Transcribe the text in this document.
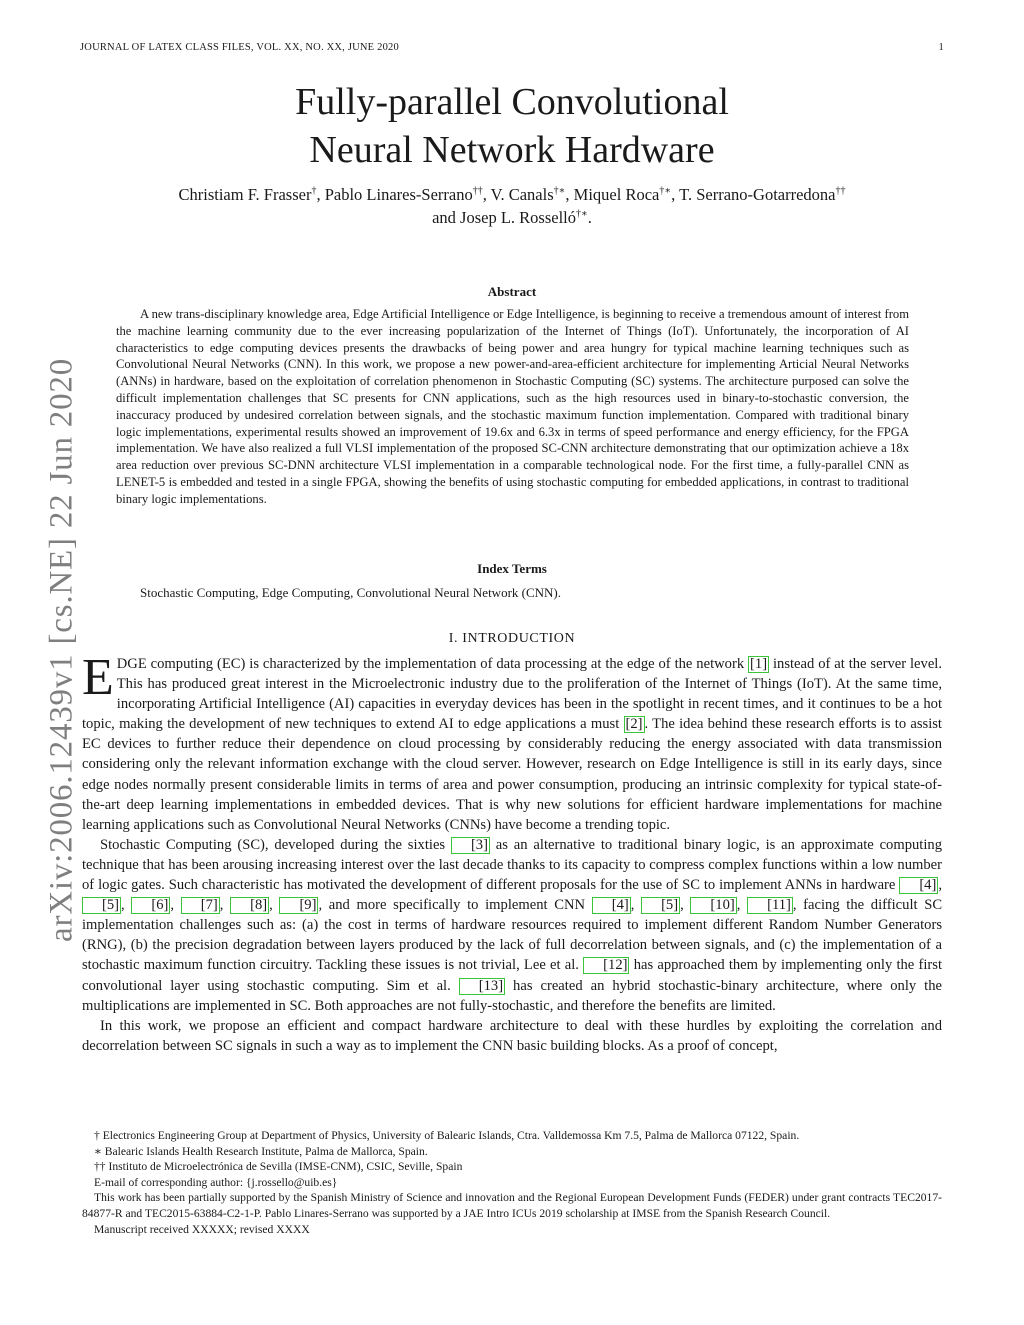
JOURNAL OF LATEX CLASS FILES, VOL. XX, NO. XX, JUNE 2020	1
arXiv:2006.12439v1 [cs.NE] 22 Jun 2020
Fully-parallel Convolutional
Neural Network Hardware
Christiam F. Frasser†, Pablo Linares-Serrano††, V. Canals†∗, Miquel Roca†∗, T. Serrano-Gotarredona††
and Josep L. Rosselló†∗.
Abstract

A new trans-disciplinary knowledge area, Edge Artificial Intelligence or Edge Intelligence, is beginning to receive a tremendous amount of interest from the machine learning community due to the ever increasing popularization of the Internet of Things (IoT). Unfortunately, the incorporation of AI characteristics to edge computing devices presents the drawbacks of being power and area hungry for typical machine learning techniques such as Convolutional Neural Networks (CNN). In this work, we propose a new power-and-area-efficient architecture for implementing Articial Neural Networks (ANNs) in hardware, based on the exploitation of correlation phenomenon in Stochastic Computing (SC) systems. The architecture purposed can solve the difficult implementation challenges that SC presents for CNN applications, such as the high resources used in binary-to-stochastic conversion, the inaccuracy produced by undesired correlation between signals, and the stochastic maximum function implementation. Compared with traditional binary logic implementations, experimental results showed an improvement of 19.6x and 6.3x in terms of speed performance and energy efficiency, for the FPGA implementation. We have also realized a full VLSI implementation of the proposed SC-CNN architecture demonstrating that our optimization achieve a 18x area reduction over previous SC-DNN architecture VLSI implementation in a comparable technological node. For the first time, a fully-parallel CNN as LENET-5 is embedded and tested in a single FPGA, showing the benefits of using stochastic computing for embedded applications, in contrast to traditional binary logic implementations.

Index Terms
Stochastic Computing, Edge Computing, Convolutional Neural Network (CNN).
I. INTRODUCTION

EDGE computing (EC) is characterized by the implementation of data processing at the edge of the network [1] instead of at the server level. This has produced great interest in the Microelectronic industry due to the proliferation of the Internet of Things (IoT). At the same time, incorporating Artificial Intelligence (AI) capacities in everyday devices has been in the spotlight in recent times, and it continues to be a hot topic, making the development of new techniques to extend AI to edge applications a must [2] . The idea behind these research efforts is to assist EC devices to further reduce their dependence on cloud processing by considerably reducing the energy associated with data transmission considering only the relevant information exchange with the cloud server. However, research on Edge Intelligence is still in its early days, since edge nodes normally present considerable limits in terms of area and power consumption, producing an intrinsic complexity for typical state-of-the-art deep learning implementations in embedded devices. That is why new solutions for efficient hardware implementations for machine learning applications such as Convolutional Neural Networks (CNNs) have become a trending topic.

Stochastic Computing (SC), developed during the sixties [3] as an alternative to traditional binary logic, is an approximate computing technique that has been arousing increasing interest over the last decade thanks to its capacity to compress complex functions within a low number of logic gates. Such characteristic has motivated the development of different proposals for the use of SC to implement ANNs in hardware [4] , [5] , [6] , [7] , [8] , [9] , and more specifically to implement CNN [4] , [5] , [10] , [11] , facing the difficult SC implementation challenges such as: (a) the cost in terms of hardware resources required to implement different Random Number Generators (RNG), (b) the precision degradation between layers produced by the lack of full decorrelation between signals, and (c) the implementation of a stochastic maximum function circuitry. Tackling these issues is not trivial, Lee et al. [12] has approached them by implementing only the first convolutional layer using stochastic computing. Sim et al. [13] has created an hybrid stochastic-binary architecture, where only the multiplications are implemented in SC. Both approaches are not fully-stochastic, and therefore the benefits are limited.

In this work, we propose an efficient and compact hardware architecture to deal with these hurdles by exploiting the correlation and decorrelation between SC signals in such a way as to implement the CNN basic building blocks. As a proof of concept,

† Electronics Engineering Group at Department of Physics, University of Balearic Islands, Ctra. Valldemossa Km 7.5, Palma de Mallorca 07122, Spain.

∗ Balearic Islands Health Research Institute, Palma de Mallorca, Spain.

†† Instituto de Microelectrónica de Sevilla (IMSE-CNM), CSIC, Seville, Spain

E-mail of corresponding author: {j.rossello@uib.es}

This work has been partially supported by the Spanish Ministry of Science and innovation and the Regional European Development Funds (FEDER) under grant contracts TEC2017-84877-R and TEC2015-63884-C2-1-P. Pablo Linares-Serrano was supported by a JAE Intro ICUs 2019 scholarship at IMSE from the Spanish Research Council.

Manuscript received XXXXX; revised XXXX
